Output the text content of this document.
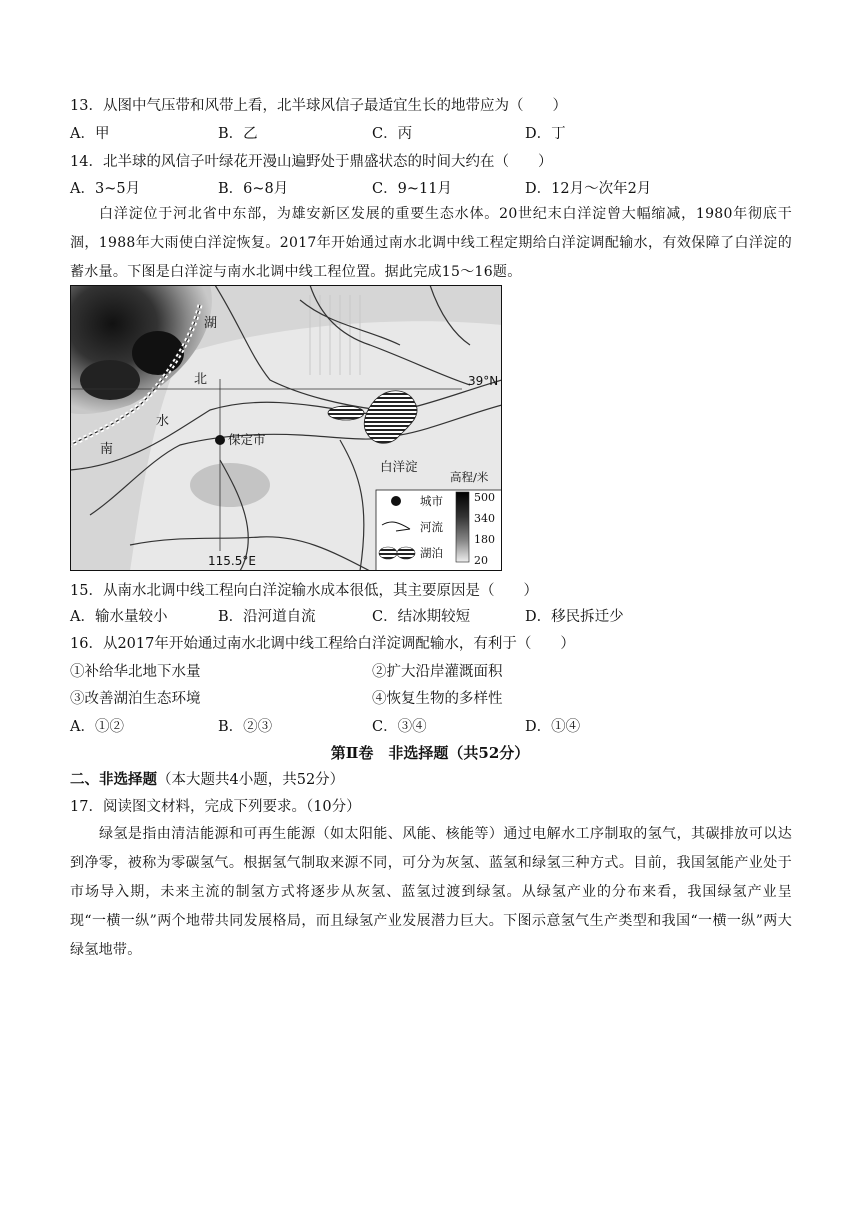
13．从图中气压带和风带上看，北半球风信子最适宜生长的地带应为（　　）
A．甲	B．乙	C．丙	D．丁
14．北半球的风信子叶绿花开漫山遍野处于鼎盛状态的时间大约在（　　）
A．3~5月	B．6~8月	C．9~11月	D．12月～次年2月
白洋淀位于河北省中东部，为雄安新区发展的重要生态水体。20世纪末白洋淀曾大幅缩减，1980年彻底干涸，1988年大雨使白洋淀恢复。2017年开始通过南水北调中线工程定期给白洋淀调配输水，有效保障了白洋淀的蓄水量。下图是白洋淀与南水北调中线工程位置。据此完成15～16题。
39°N
115.5°E
湖
北
水
南
保定市
白洋淀
城市
河流
湖泊
高程/米
500
340
180
20
15．从南水北调中线工程向白洋淀输水成本很低，其主要原因是（　　）
A．输水量较小	B．沿河道自流	C．结冰期较短	D．移民拆迁少
16．从2017年开始通过南水北调中线工程给白洋淀调配输水，有利于（　　）
①补给华北地下水量	②扩大沿岸灌溉面积
③改善湖泊生态环境	④恢复生物的多样性
A．①②	B．②③	C．③④	D．①④
第Ⅱ卷　非选择题（共52分）
二、非选择题（本大题共4小题，共52分）
17．阅读图文材料，完成下列要求。（10分）
绿氢是指由清洁能源和可再生能源（如太阳能、风能、核能等）通过电解水工序制取的氢气，其碳排放可以达到净零，被称为零碳氢气。根据氢气制取来源不同，可分为灰氢、蓝氢和绿氢三种方式。目前，我国氢能产业处于市场导入期，未来主流的制氢方式将逐步从灰氢、蓝氢过渡到绿氢。从绿氢产业的分布来看，我国绿氢产业呈现“一横一纵”两个地带共同发展格局，而且绿氢产业发展潜力巨大。下图示意氢气生产类型和我国“一横一纵”两大绿氢地带。
